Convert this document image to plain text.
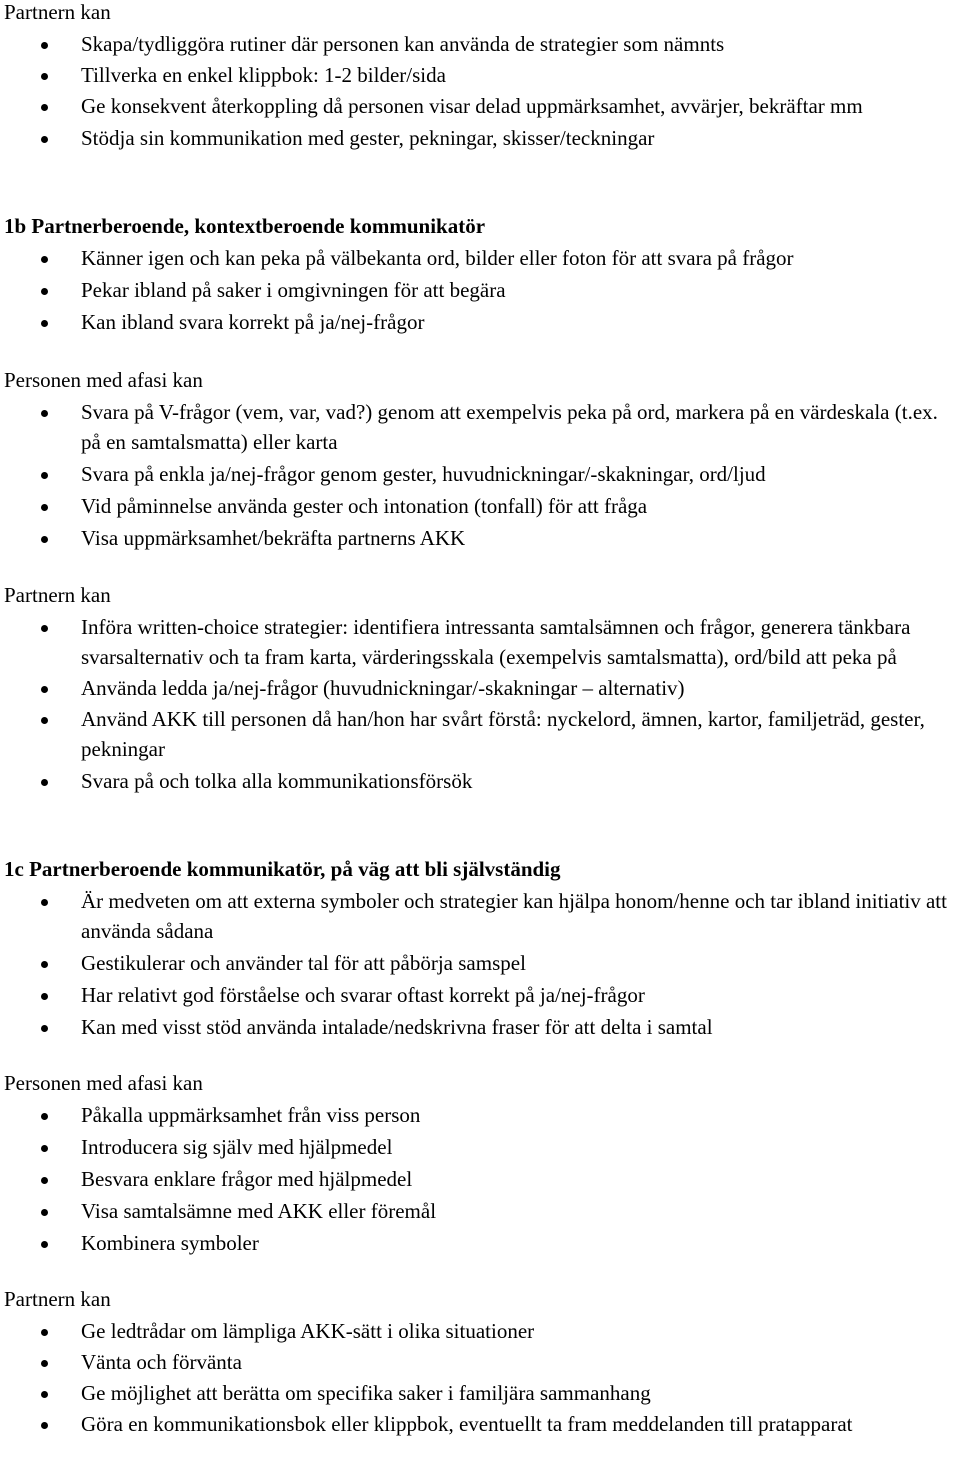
Partnern kan
Skapa/tydliggöra rutiner där personen kan använda de strategier som nämnts
Tillverka en enkel klippbok: 1-2 bilder/sida
Ge konsekvent återkoppling då personen visar delad uppmärksamhet, avvärjer, bekräftar mm
Stödja sin kommunikation med gester, pekningar, skisser/teckningar
1b Partnerberoende, kontextberoende kommunikatör
Känner igen och kan peka på välbekanta ord, bilder eller foton för att svara på frågor
Pekar ibland på saker i omgivningen för att begära
Kan ibland svara korrekt på ja/nej-frågor
Personen med afasi kan
Svara på V-frågor (vem, var, vad?) genom att exempelvis peka på ord, markera på en värdeskala (t.ex. på en samtalsmatta) eller karta
Svara på enkla ja/nej-frågor genom gester, huvudnickningar/-skakningar, ord/ljud
Vid påminnelse använda gester och intonation (tonfall) för att fråga
Visa uppmärksamhet/bekräfta partnerns AKK
Partnern kan
Införa written-choice strategier: identifiera intressanta samtalsämnen och frågor, generera tänkbara svarsalternativ och ta fram karta, värderingsskala (exempelvis samtalsmatta), ord/bild att peka på
Använda ledda ja/nej-frågor (huvudnickningar/-skakningar ‒ alternativ)
Använd AKK till personen då han/hon har svårt förstå: nyckelord, ämnen, kartor, familjeträd, gester, pekningar
Svara på och tolka alla kommunikationsförsök
1c Partnerberoende kommunikatör, på väg att bli självständig
Är medveten om att externa symboler och strategier kan hjälpa honom/henne och tar ibland initiativ att använda sådana
Gestikulerar och använder tal för att påbörja samspel
Har relativt god förståelse och svarar oftast korrekt på ja/nej-frågor
Kan med visst stöd använda intalade/nedskrivna fraser för att delta i samtal
Personen med afasi kan
Påkalla uppmärksamhet från viss person
Introducera sig själv med hjälpmedel
Besvara enklare frågor med hjälpmedel
Visa samtalsämne med AKK eller föremål
Kombinera symboler
Partnern kan
Ge ledtrådar om lämpliga AKK-sätt i olika situationer
Vänta och förvänta
Ge möjlighet att berätta om specifika saker i familjära sammanhang
Göra en kommunikationsbok eller klippbok, eventuellt ta fram meddelanden till pratapparat
